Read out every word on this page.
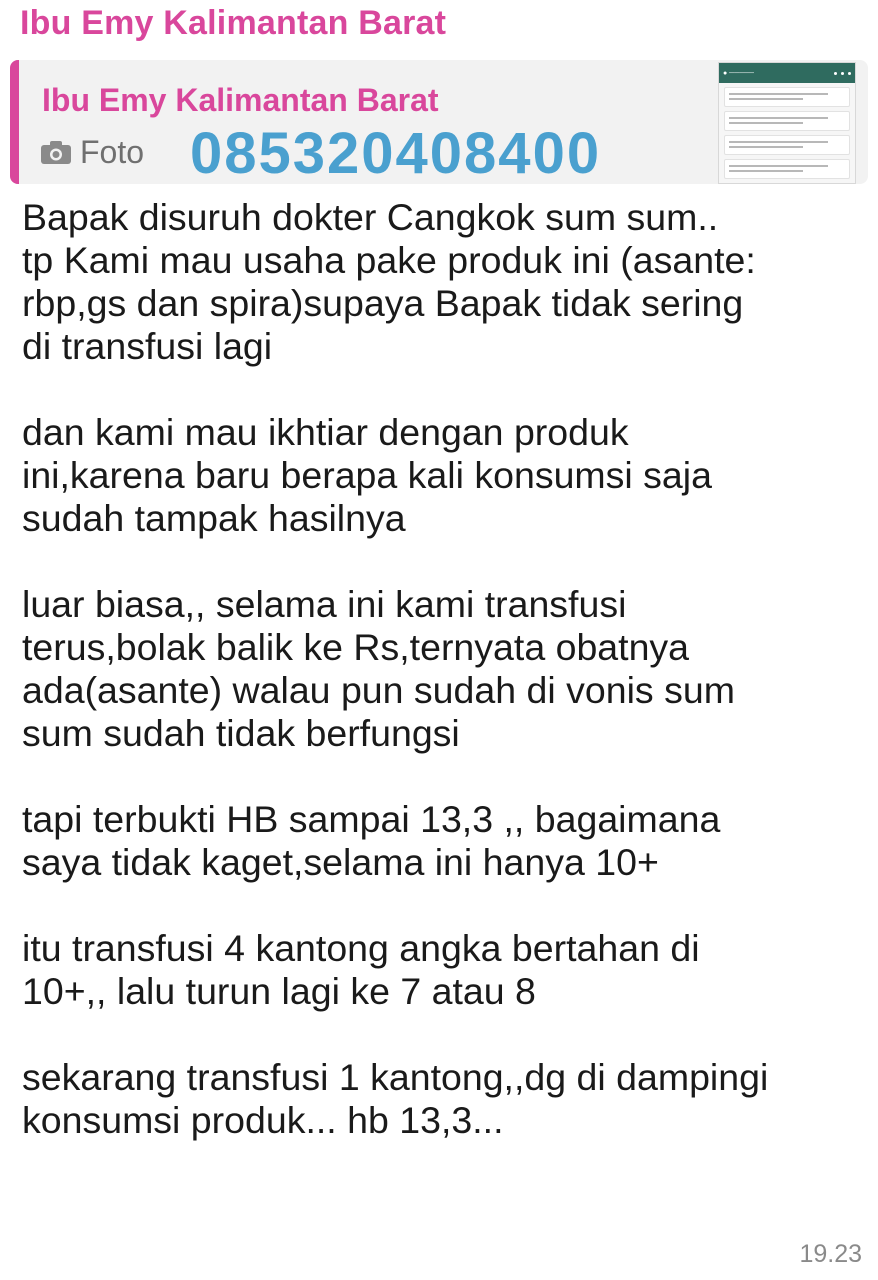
Ibu Emy Kalimantan Barat
Ibu Emy Kalimantan Barat
Foto 085320408400
● ─────

Bapak disuruh dokter Cangkok sum sum..
tp Kami mau usaha pake produk ini (asante:
rbp,gs dan spira)supaya Bapak tidak sering
di transfusi lagi

dan kami mau ikhtiar dengan produk
ini,karena baru berapa kali konsumsi saja
sudah tampak hasilnya

luar biasa,, selama ini kami transfusi
terus,bolak balik ke Rs,ternyata obatnya
ada(asante) walau pun sudah di vonis sum
sum sudah tidak berfungsi

tapi terbukti HB sampai 13,3 ,, bagaimana
saya tidak kaget,selama ini hanya 10+

itu transfusi 4 kantong angka bertahan di
10+,, lalu turun lagi ke 7 atau 8

sekarang transfusi 1 kantong,,dg di dampingi
konsumsi produk... hb 13,3...

19.23
